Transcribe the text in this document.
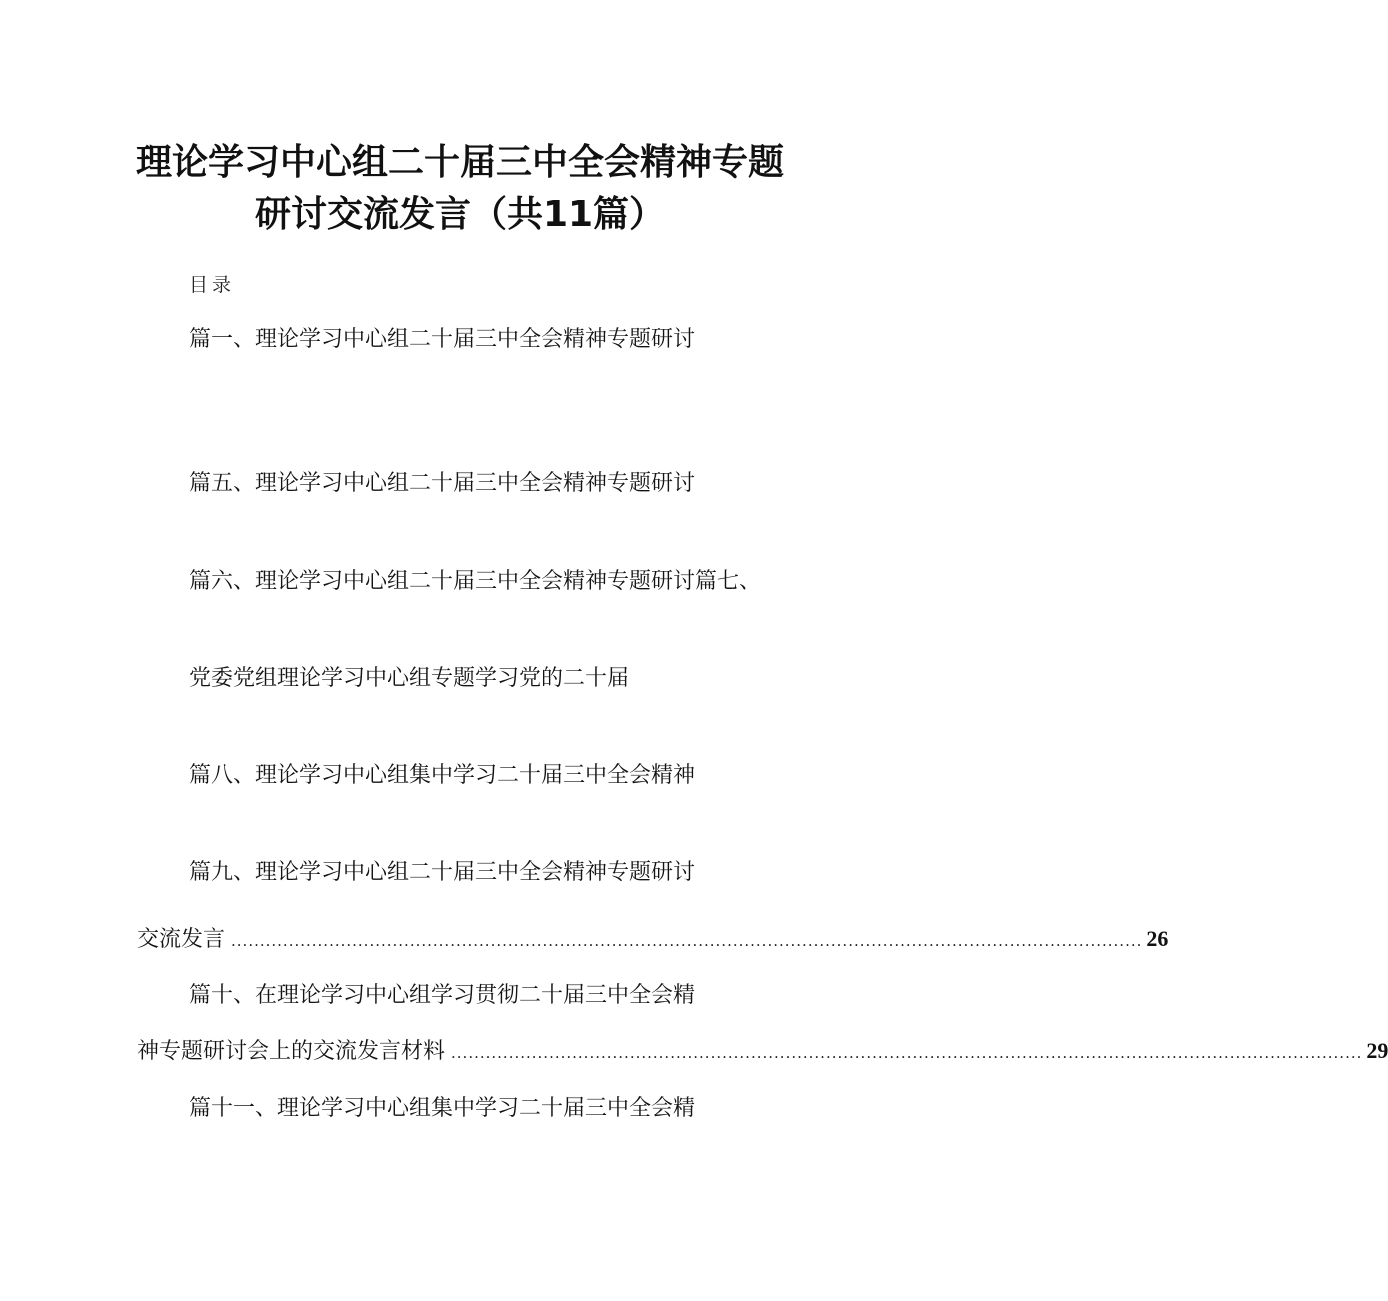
理论学习中心组二十届三中全会精神专题
研讨交流发言（共11篇）
目录
篇一、理论学习中心组二十届三中全会精神专题研讨
篇五、理论学习中心组二十届三中全会精神专题研讨
篇六、理论学习中心组二十届三中全会精神专题研讨篇七、
党委党组理论学习中心组专题学习党的二十届
篇八、理论学习中心组集中学习二十届三中全会精神
篇九、理论学习中心组二十届三中全会精神专题研讨
交流发言 .............................................................................................................................................................. 26
篇十、在理论学习中心组学习贯彻二十届三中全会精
神专题研讨会上的交流发言材料 .............................................................................................................................................................. 29
篇十一、理论学习中心组集中学习二十届三中全会精
